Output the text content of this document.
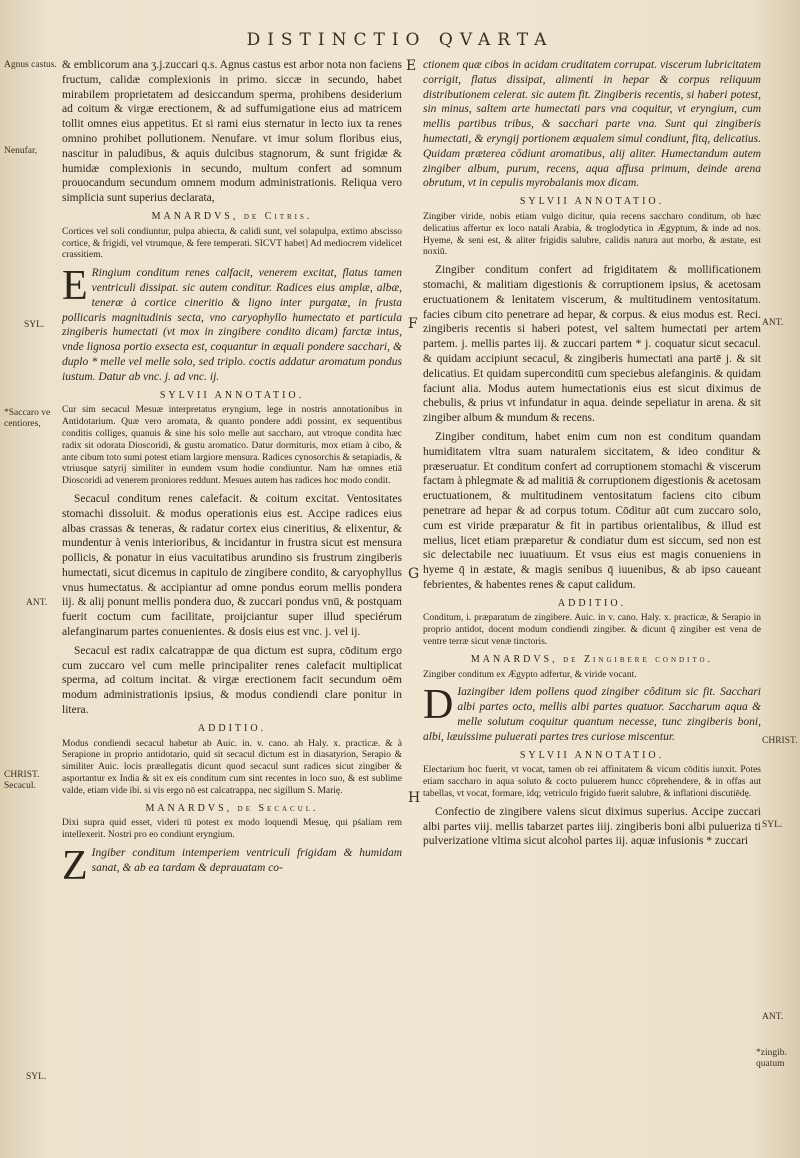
DISTINCTIO QVARTA
Agnus castus.
Nenufar,
SYL.
*Saccaro ve centiores,
ANT.
CHRIST. Secacul.
SYL.
ANT.
CHRIST.
SYL.
ANT.
*zingib. quatum
E
F
G
H

& emblicorum ana ʒ.j.zuccari q.s. Agnus castus est arbor nota non faciens fructum, calidæ complexionis in primo. siccæ in secundo, habet mirabilem proprietatem ad desiccandum sperma, prohibens desiderium ad coitum & virgæ erectionem, & ad suffumigatione eius ad matricem tollit omnes eius appetitus. Et si rami eius sternatur in lecto iux ta renes omnino prohibet pollutionem. Nenufare. vt imur solum floribus eius, nascitur in paludibus, & aquis dulcibus stagnorum, & sunt frigidæ & humidæ complexionis in secundo, multum confert ad somnum prouocandum secundum omnem modum administrationis. Reliqua vero simplicia sunt superius declarata,

MANARDVS, de Citris.

Cortices vel soli condiuntur, pulpa abiecta, & calidi sunt, vel solapulpa, extimo abscisso cortice, & frigidi, vel vtrumque, & fere temperati. SICVT habet] Ad mediocrem videlicet crassitiem.

E Ringium conditum renes calfacit, venerem excitat, flatus tamen ventriculi dissipat. sic autem conditur. Radices eius amplæ, albæ, teneræ à cortice cineritio & ligno inter purgatæ, in frusta pollicaris magnitudinis secta, vno caryophyllo humectato et particula zingiberis humectati (vt mox in zingibere condito dicam) farctæ intus, vnde lignosa portio exsecta est, coquantur in æquali pondere sacchari, & duplo * melle vel melle solo, sed triplo. coctis addatur aromatum pondus iustum. Datur ab vnc. j. ad vnc. ij.

SYLVII ANNOTATIO.

Cur sim secacul Mesuæ interpretatus eryngium, lege in nostris annotationibus in Antidotarium. Quæ vero aromata, & quanto pondere addi possint, ex sequentibus conditis colliges, quanuis & sine his solo melle aut saccharo, aut vtroque condita hæc radix sit odorata Dioscoridi, & gustu aromatico. Datur dormituris, mox etiam à cibo, & ante cibum toto sumi potest etiam largiore mensura. Radices cynosorchis & setapiadis, & vtriusque satyrij similiter in eundem vsum hodie condiuntur. Nam hæ omnes etiā Dioscoridi ad venerem proniores reddunt. Mesues autem has radices hoc modo condit.

Secacul conditum renes calefacit. & coitum excitat. Ventositates stomachi dissoluit. & modus operationis eius est. Accipe radices eius albas crassas & teneras, & radatur cortex eius cineritius, & elixentur, & mundentur à venis interioribus, & incidantur in frustra sicut est mensura pollicis, & ponatur in eius vacuitatibus arundino sis frustrum zingiberis humectati, sicut dicemus in capitulo de zingibere condito, & caryophyllus vnus humectatus. & accipiantur ad omne pondus eorum mellis pondera iij. & alij ponunt mellis pondera duo, & zuccari pondus vnū, & postquam fuerit coctum cum facilitate, proijciantur super illud speciérum alefanginarum partes conuenientes. & dosis eius est vnc. j. vel ij.

Secacul est radix calcatrappæ de qua dictum est supra, cōditum ergo cum zuccaro vel cum melle principaliter renes calefacit multiplicat sperma, ad coitum incitat. & virgæ erectionem facit secundum oēm modum administrationis ipsius, & modus condiendi clare ponitur in litera.

ADDITIO.

Modus condiendi secacul habetur ab Auic. in. v. cano. ab Haly. x. practicæ. & à Serapione in proprio antidotario, quid sit secacul dictum est in diasatyrion, Serapio & similiter Auic. locis præallegatis dicunt quod secacul sunt radices sicut zingiber & asportantur ex India & sit ex eis conditum cum sint recentes in loco suo, & est sublime valde, etiam vide ibi. si vis ergo nō est calcatrappa, nec sigillum S. Marię.

MANARDVS, de Secacul.

Dixi supra quid esset, videri tū potest ex modo loquendi Mesuę, qui pśaliam rem intellexerit. Nostri pro eo condiunt eryngium.

Z Ingiber conditum intemperiem ventriculi frigidam & humidam sanat, & ab ea tardam & deprauatam co-

ctionem quæ cibos in acidam cruditatem corrupat. viscerum lubricitatem corrigit, flatus dissipat, alimenti in hepar & corpus reliquum distributionem celerat. sic autem fit. Zingiberis recentis, si haberi potest, sin minus, saltem arte humectati pars vna coquitur, vt eryngium, cum mellis partibus tribus, & sacchari parte vna. Sunt qui zingiberis humectati, & eryngij portionem æqualem simul condiunt, fitq, delicatius. Quidam præterea cōdiunt aromatibus, alij aliter. Humectandum autem zingiber album, purum, recens, aqua affusa primum, deinde arena obrutum, vt in cepulis myrobalanis mox dicam.

SYLVII ANNOTATIO.

Zingiber viride, nobis etiam vulgo dicitur, quia recens saccharo conditum, ob hæc delicatius affertur ex loco natali Arabia, & troglodytica in Ægyptum, & inde ad nos. Hyeme, & seni est, & aliter frigidis salubre, calidis natura aut morbo, & æstate, est noxiū.

Zingiber conditum confert ad frigiditatem & mollificationem stomachi, & malitiam digestionis & corruptionem ipsius, & acetosam eructuationem & lenitatem viscerum, & multitudinem ventositatum. facies cibum cito penetrare ad hepar, & corpus. & eius modus est. Reci. zingiberis recentis si haberi potest, vel saltem humectati per artem partem. j. mellis partes iij. & zuccari partem * j. coquatur sicut secacul. & quidam accipiunt secacul, & zingiberis humectati ana partē j. & sit delicatius. Et quidam superconditū cum speciebus alefanginis. & quidam faciunt alia. Modus autem humectationis eius est sicut diximus de chebulis, & prius vt infundatur in aqua. deinde sepeliatur in arena. & sit zingiber album & mundum & recens.

Zingiber conditum, habet enim cum non est conditum quandam humiditatem vltra suam naturalem siccitatem, & ideo conditur & præseruatur. Et conditum confert ad corruptionem stomachi & viscerum factam à phlegmate & ad malitiā & corruptionem digestionis & acetosam eructuationem, & multitudinem ventositatum faciens cito cibum penetrare ad hepar & ad corpus totum. Cōditur aūt cum zuccaro solo, cum est viride præparatur & fit in partibus orientalibus, & illud est melius, licet etiam præparetur & condiatur dum est siccum, sed non est sic delectabile nec iuuatiuum. Et vsus eius est magis conueniens in hyeme q̄ in æstate, & magis senibus q̄ iuuenibus, & ab ipso caueant febrientes, & habentes renes & caput calidum.

ADDITIO.

Conditum, i. præparatum de zingibere. Auic. in v. cano. Haly. x. practicæ, & Serapio in proprio antidot, docent modum condiendi zingiber. & dicunt q̄ zingiber est vena de ventre terræ sicut venæ tinctoris.

MANARDVS, de Zingibere condito.

Zingiber conditum ex Ægypto adfertur, & viride vocant.

D Iazingiber idem pollens quod zingiber côditum sic fit. Sacchari albi partes octo, mellis albi partes quatuor. Saccharum aqua & melle solutum coquitur quantum necesse, tunc zingiberis boni, albi, læuissime puluerati partes tres curiose miscentur.

SYLVII ANNOTATIO.

Electarium hoc fuerit, vt vocat, tamen ob rei affinitatem & vicum cōditis iunxit. Potes etiam saccharo in aqua soluto & cocto puluerem huncc cōprehendere, & in offas aut tabellas, vt vocat, formare, idq; vetriculo frigido fuerit salubre, & inflationi discutiēdę.

Confectio de zingibere valens sicut diximus superius. Accipe zuccari albi partes viij. mellis tabarzet partes iiij. zingiberis boni albi pulueriza ti pulverizatione vltima sicut alcohol partes iij. aquæ infusionis * zuccari
